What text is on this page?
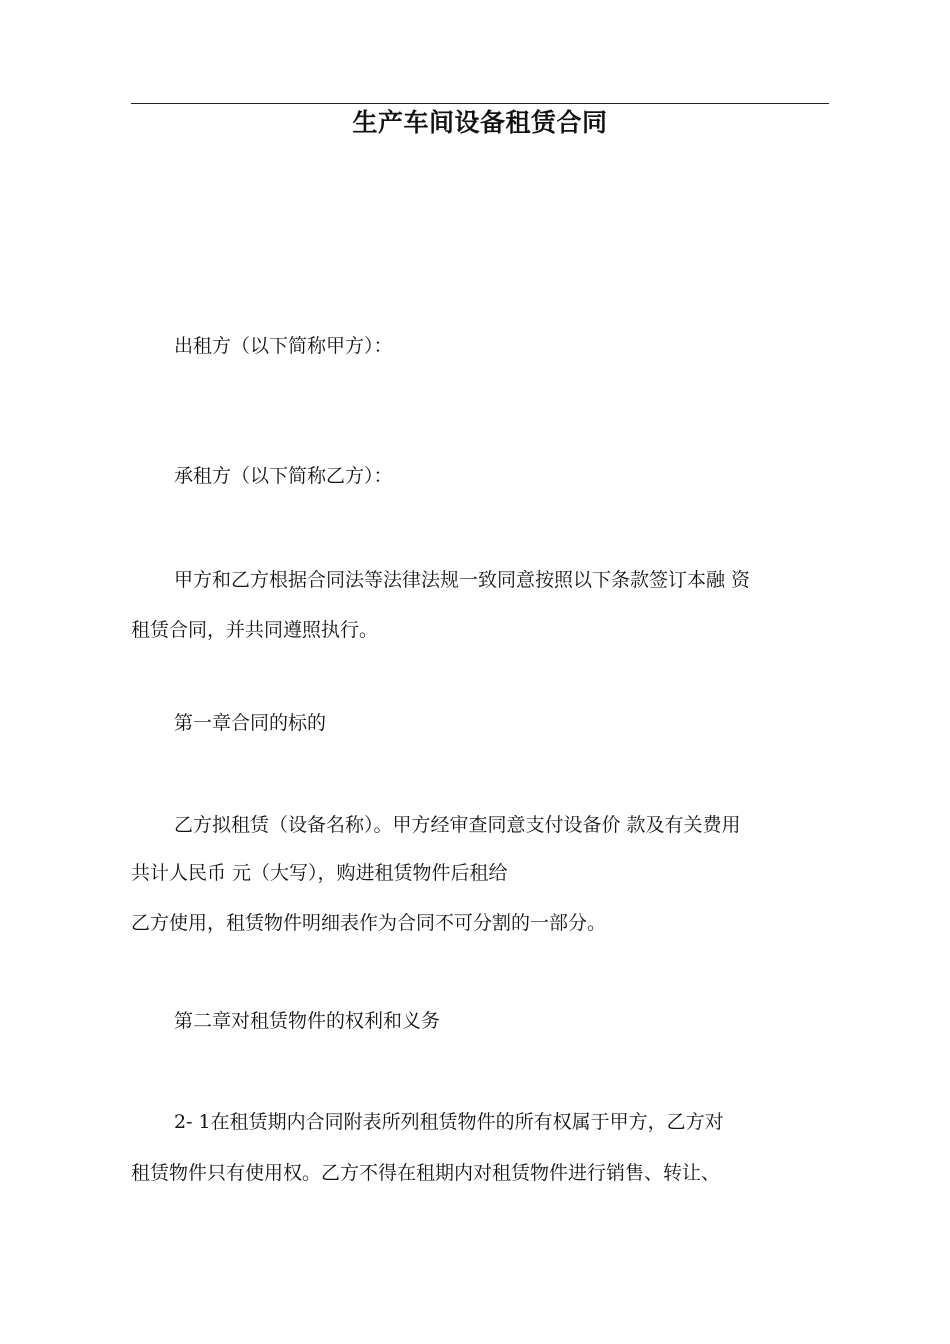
生产车间设备租赁合同

出租方（以下简称甲方）：

承租方（以下简称乙方）：

甲方和乙方根据合同法等法律法规一致同意按照以下条款签订本融 资

租赁合同，并共同遵照执行。

第一章合同的标的

乙方拟租赁（设备名称）。甲方经审查同意支付设备价 款及有关费用

共计人民币 元（大写），购进租赁物件后租给

乙方使用，租赁物件明细表作为合同不可分割的一部分。

第二章对租赁物件的权利和义务

2- 1在租赁期内合同附表所列租赁物件的所有权属于甲方，乙方对

租赁物件只有使用权。乙方不得在租期内对租赁物件进行销售、转让、
